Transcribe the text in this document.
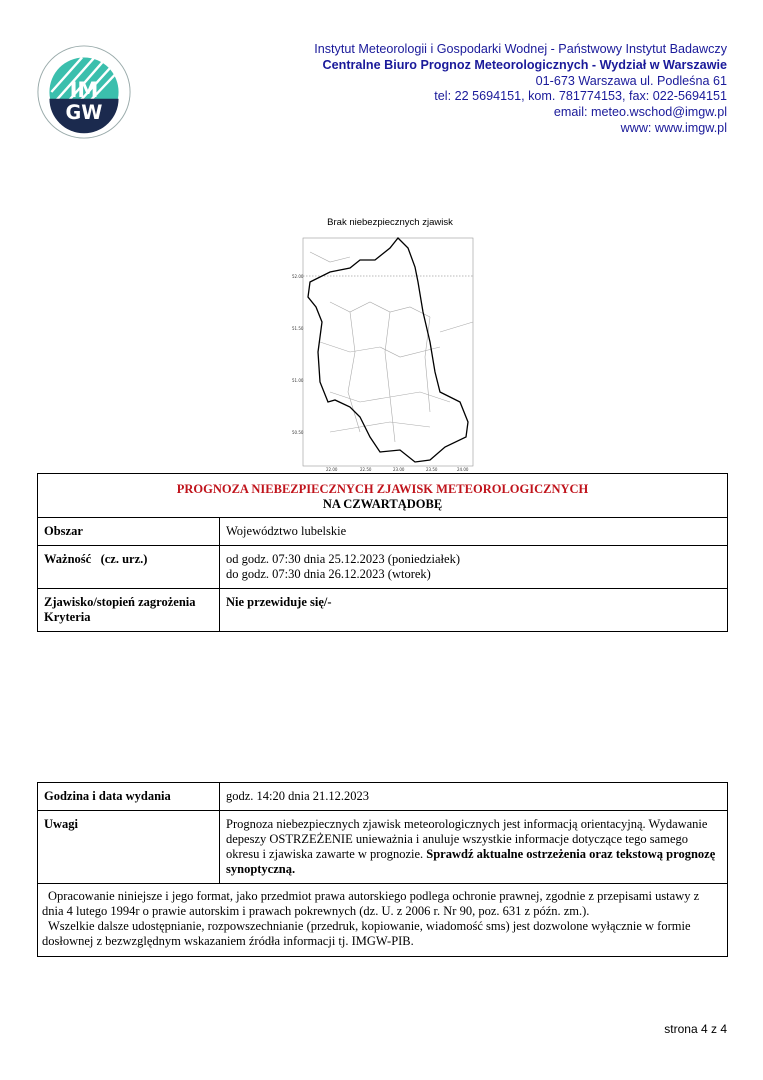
IM
GW
Instytut Meteorologii i Gospodarki Wodnej - Państwowy Instytut Badawczy
Centralne Biuro Prognoz Meteorologicznych - Wydział w Warszawie
01-673 Warszawa ul. Podleśna 61
tel: 22 5694151, kom. 781774153, fax: 022-5694151
email: meteo.wschod@imgw.pl
www: www.imgw.pl
Brak niebezpiecznych zjawisk
52.00
51.50
51.00
50.50
22.00	22.50	23.00	23.50	24.00
PROGNOZA NIEBEZPIECZNYCH ZJAWISK METEOROLOGICZNYCH
NA CZWARTĄDOBĘ	

Obszar	Województwo lubelskie
Ważność   (cz. urz.)	od godz. 07:30 dnia 25.12.2023 (poniedziałek)
do godz. 07:30 dnia 26.12.2023 (wtorek)

Zjawisko/stopień zagrożenia
Kryteria	Nie przewiduje się/-
Godzina i data wydania	godz. 14:20 dnia 21.12.2023
Uwagi	Prognoza niebezpiecznych zjawisk meteorologicznych jest informacją orientacyjną. Wydawanie depeszy OSTRZEŻENIE unieważnia i anuluje wszystkie informacje dotyczące tego samego okresu i zjawiska zawarte w prognozie. Sprawdź aktualne ostrzeżenia oraz tekstową prognozę synoptyczną.

Opracowanie niniejsze i jego format, jako przedmiot prawa autorskiego podlega ochronie prawnej, zgodnie z przepisami ustawy z dnia 4 lutego 1994r o prawie autorskim i prawach pokrewnych (dz. U. z 2006 r. Nr 90, poz. 631 z późn. zm.).
Wszelkie dalsze udostępnianie, rozpowszechnianie (przedruk, kopiowanie, wiadomość sms) jest dozwolone wyłącznie w formie dosłownej z bezwzględnym wskazaniem źródła informacji tj. IMGW-PIB.	
strona 4 z 4
